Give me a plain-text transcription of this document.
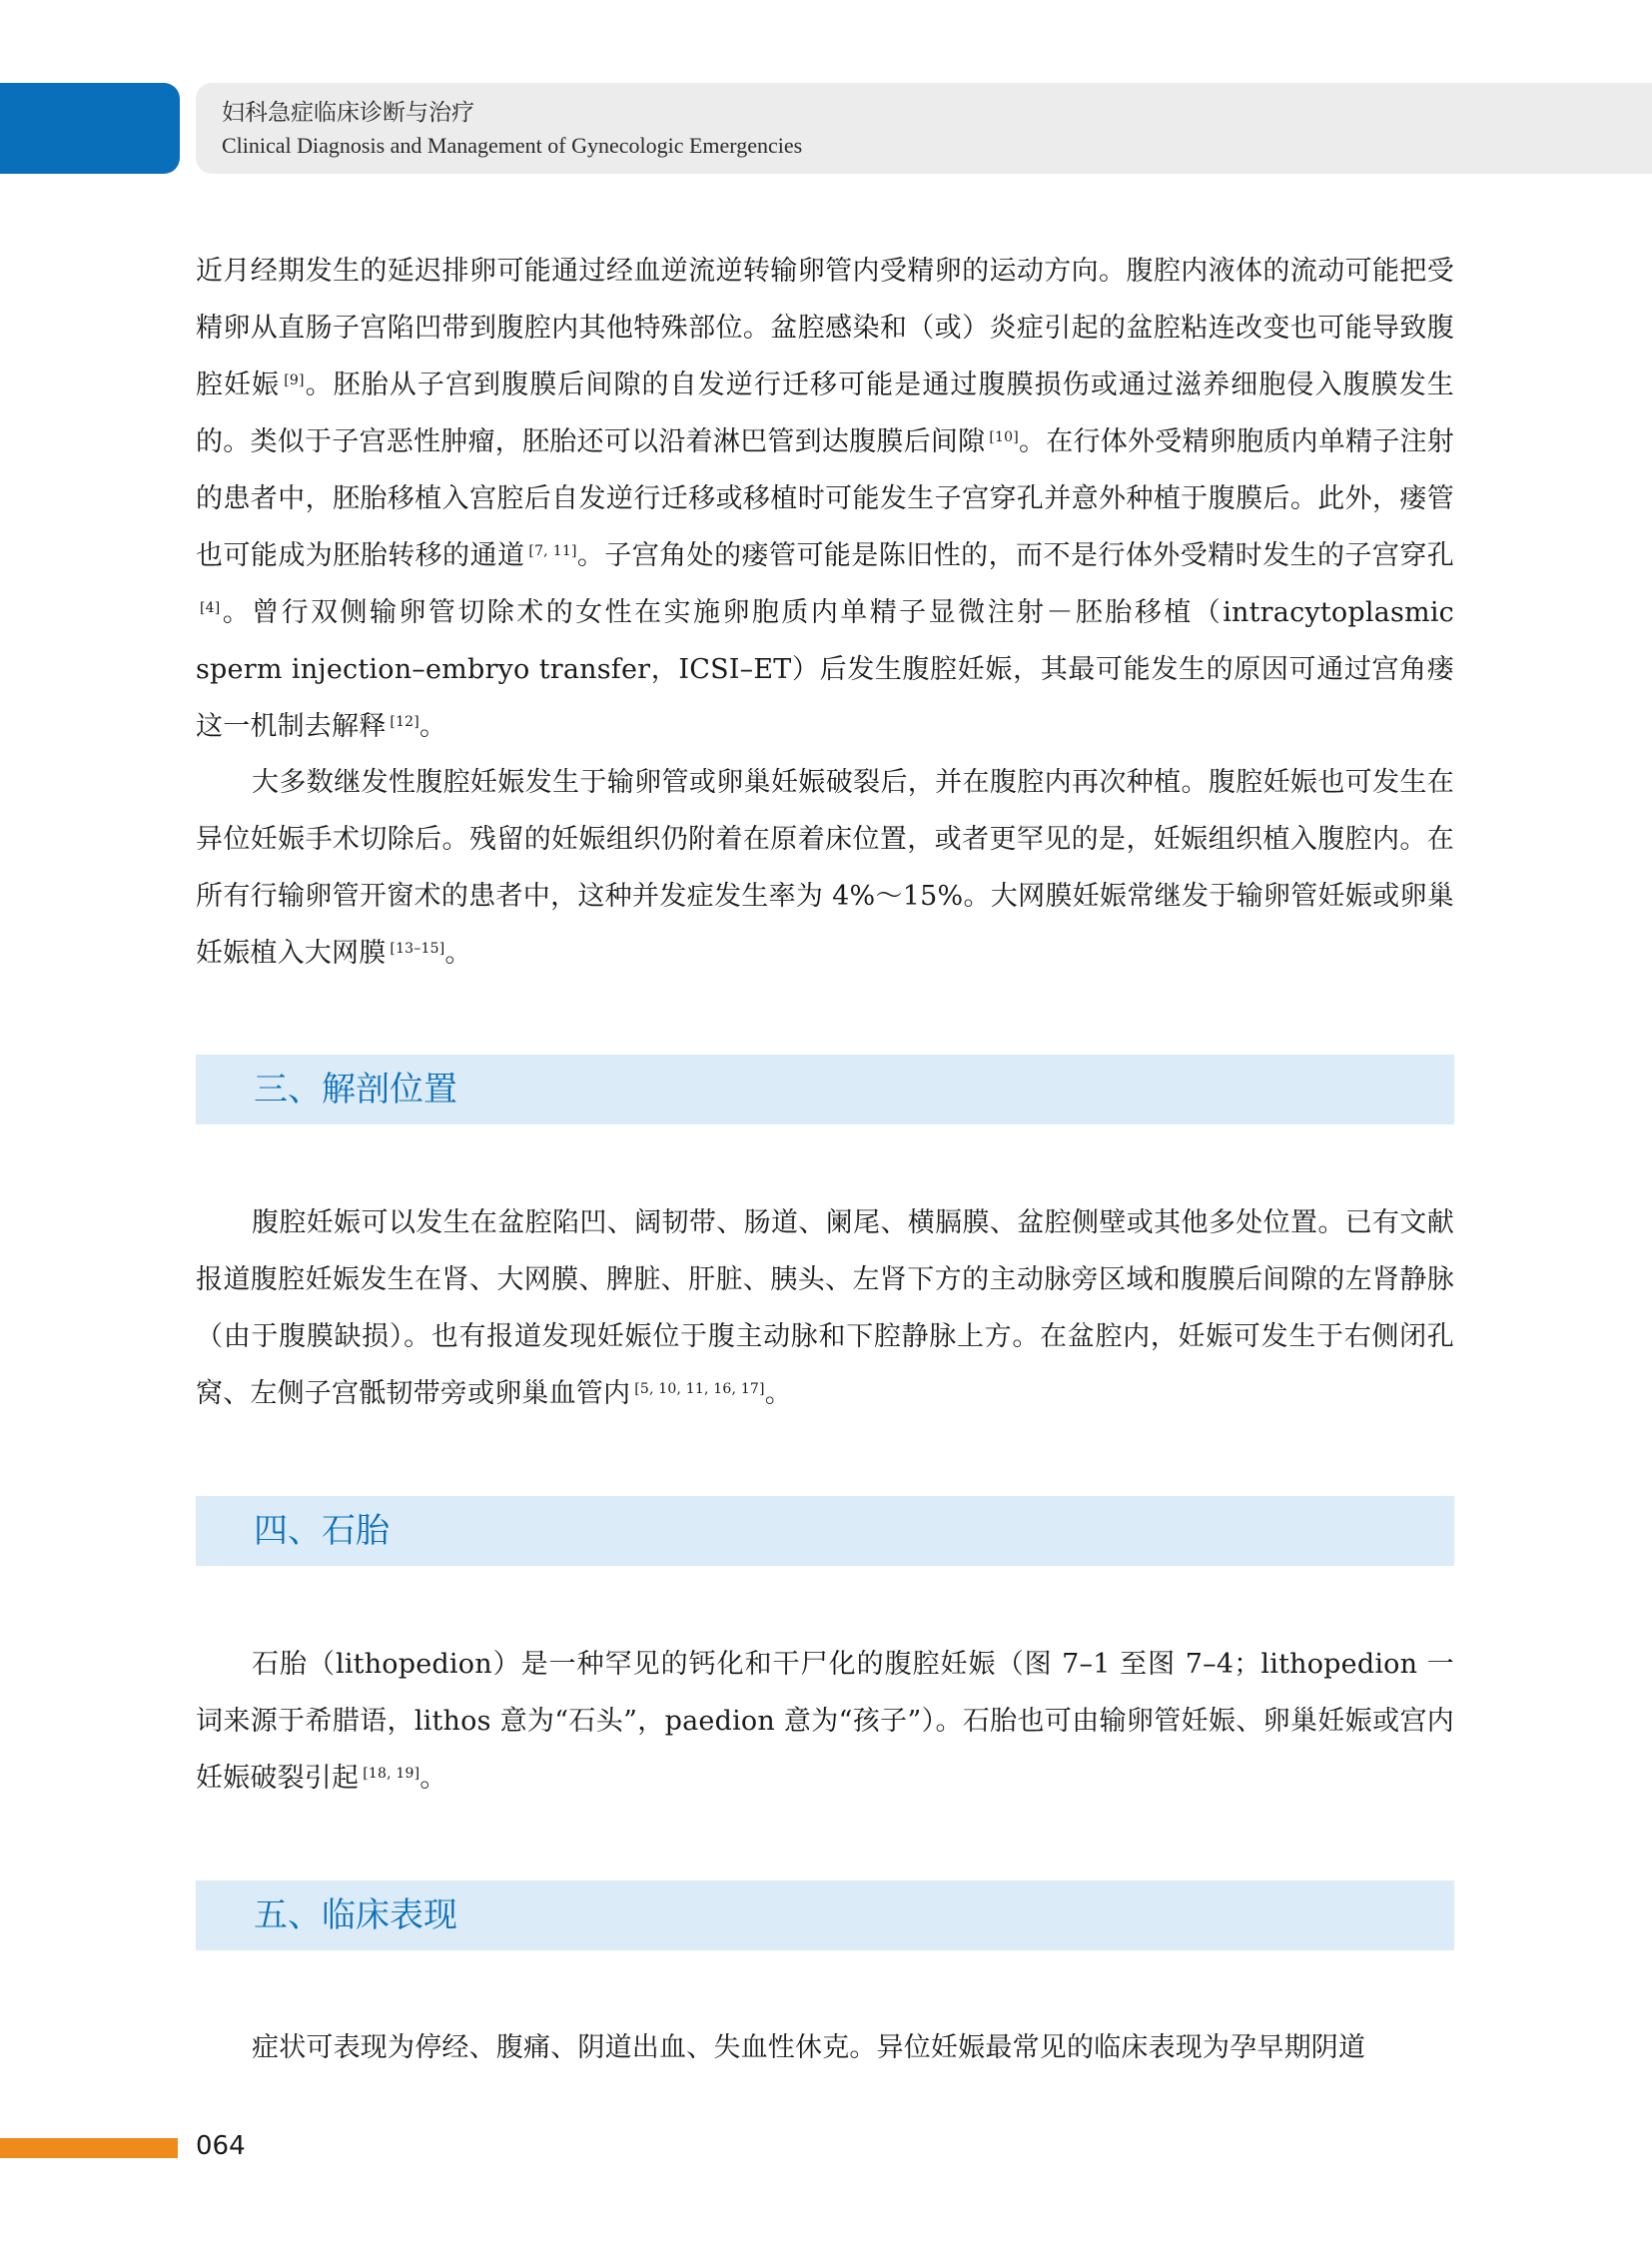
妇科急症临床诊断与治疗
Clinical Diagnosis and Management of Gynecologic Emergencies

近月经期发生的延迟排卵可能通过经血逆流逆转输卵管内受精卵的运动方向。腹腔内液体的流动可能把受精卵从直肠子宫陷凹带到腹腔内其他特殊部位。盆腔感染和（或）炎症引起的盆腔粘连改变也可能导致腹腔妊娠 [9]。胚胎从子宫到腹膜后间隙的自发逆行迁移可能是通过腹膜损伤或通过滋养细胞侵入腹膜发生的。类似于子宫恶性肿瘤，胚胎还可以沿着淋巴管到达腹膜后间隙 [10]。在行体外受精卵胞质内单精子注射的患者中，胚胎移植入宫腔后自发逆行迁移或移植时可能发生子宫穿孔并意外种植于腹膜后。此外，瘘管也可能成为胚胎转移的通道 [7, 11]。子宫角处的瘘管可能是陈旧性的，而不是行体外受精时发生的子宫穿孔[4]。曾行双侧输卵管切除术的女性在实施卵胞质内单精子显微注射－胚胎移植（intracytoplasmic sperm injection–embryo transfer，ICSI–ET）后发生腹腔妊娠，其最可能发生的原因可通过宫角瘘这一机制去解释 [12]。

大多数继发性腹腔妊娠发生于输卵管或卵巢妊娠破裂后，并在腹腔内再次种植。腹腔妊娠也可发生在异位妊娠手术切除后。残留的妊娠组织仍附着在原着床位置，或者更罕见的是，妊娠组织植入腹腔内。在所有行输卵管开窗术的患者中，这种并发症发生率为 4%～15%。大网膜妊娠常继发于输卵管妊娠或卵巢妊娠植入大网膜 [13–15]。

三、解剖位置

腹腔妊娠可以发生在盆腔陷凹、阔韧带、肠道、阑尾、横膈膜、盆腔侧壁或其他多处位置。已有文献报道腹腔妊娠发生在肾、大网膜、脾脏、肝脏、胰头、左肾下方的主动脉旁区域和腹膜后间隙的左肾静脉（由于腹膜缺损）。也有报道发现妊娠位于腹主动脉和下腔静脉上方。在盆腔内，妊娠可发生于右侧闭孔窝、左侧子宫骶韧带旁或卵巢血管内 [5, 10, 11, 16, 17]。

四、石胎

石胎（lithopedion）是一种罕见的钙化和干尸化的腹腔妊娠（图 7–1 至图 7–4；lithopedion 一词来源于希腊语，lithos 意为“石头”，paedion 意为“孩子”）。石胎也可由输卵管妊娠、卵巢妊娠或宫内妊娠破裂引起 [18, 19]。

五、临床表现

症状可表现为停经、腹痛、阴道出血、失血性休克。异位妊娠最常见的临床表现为孕早期阴道

064
